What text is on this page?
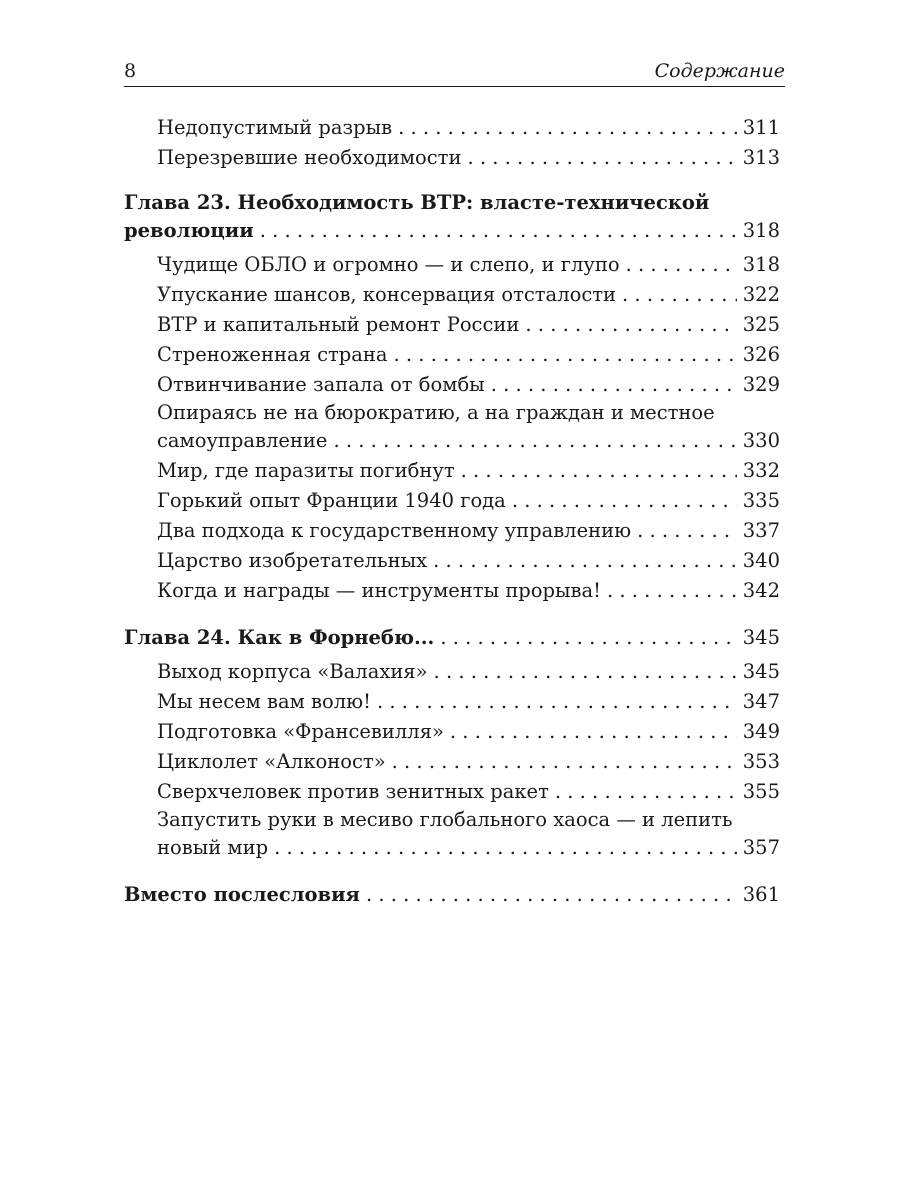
8	Содержание
Недопустимый разрыв . . .	311
Перезревшие необходимости . . .	313
Глава 23. Необходимость ВТР: власте-технической
революции . . .	318
Чудище ОБЛО и огромно — и слепо, и глупо . . .	318
Упускание шансов, консервация отсталости . . .	322
ВТР и капитальный ремонт России . . .	325
Стреноженная страна . . .	326
Отвинчивание запала от бомбы . . .	329
Опираясь не на бюрократию, а на граждан и местное
самоуправление . . .	330
Мир, где паразиты погибнут . . .	332
Горький опыт Франции 1940 года . . .	335
Два подхода к государственному управлению . . .	337
Царство изобретательных . . .	340
Когда и награды — инструменты прорыва! . . .	342
Глава 24. Как в Форнебю... . . .	345
Выход корпуса «Валахия» . . .	345
Мы несем вам волю! . . .	347
Подготовка «Франсевилля» . . .	349
Циклолет «Алконост» . . .	353
Сверхчеловек против зенитных ракет . . .	355
Запустить руки в месиво глобального хаоса — и лепить
новый мир . . .	357
Вместо послесловия . . .	361
